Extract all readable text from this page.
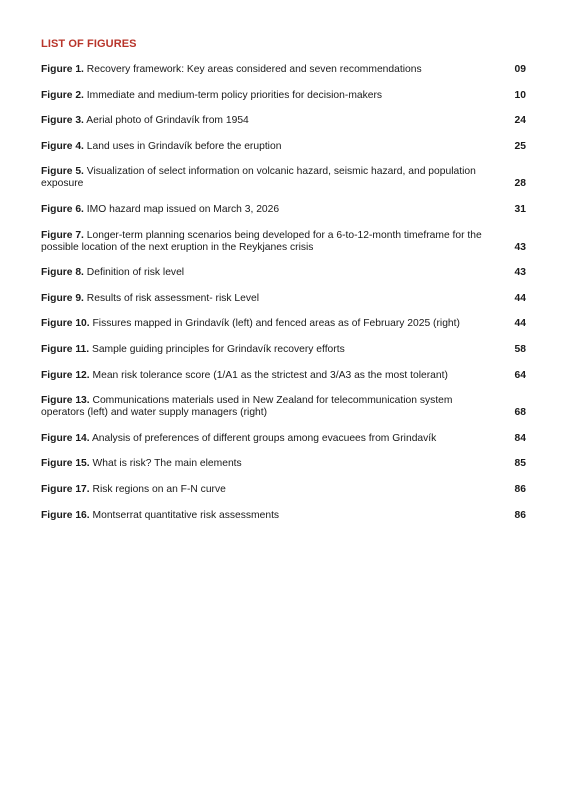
LIST OF FIGURES
Figure 1. Recovery framework: Key areas considered and seven recommendations	09
Figure 2. Immediate and medium-term policy priorities for decision-makers	10
Figure 3. Aerial photo of Grindavík from 1954	24
Figure 4. Land uses in Grindavík before the eruption	25
Figure 5. Visualization of select information on volcanic hazard, seismic hazard, and population exposure	28
Figure 6. IMO hazard map issued on March 3, 2026	31
Figure 7. Longer-term planning scenarios being developed for a 6-to-12-month timeframe for the possible location of the next eruption in the Reykjanes crisis	43
Figure 8. Definition of risk level	43
Figure 9. Results of risk assessment- risk Level	44
Figure 10. Fissures mapped in Grindavík (left) and fenced areas as of February 2025 (right)	44
Figure 11. Sample guiding principles for Grindavík recovery efforts	58
Figure 12. Mean risk tolerance score (1/A1 as the strictest and 3/A3 as the most tolerant)	64
Figure 13. Communications materials used in New Zealand for telecommunication system operators (left) and water supply managers (right)	68
Figure 14. Analysis of preferences of different groups among evacuees from Grindavík	84
Figure 15. What is risk? The main elements	85
Figure 17. Risk regions on an F-N curve	86
Figure 16. Montserrat quantitative risk assessments	86
